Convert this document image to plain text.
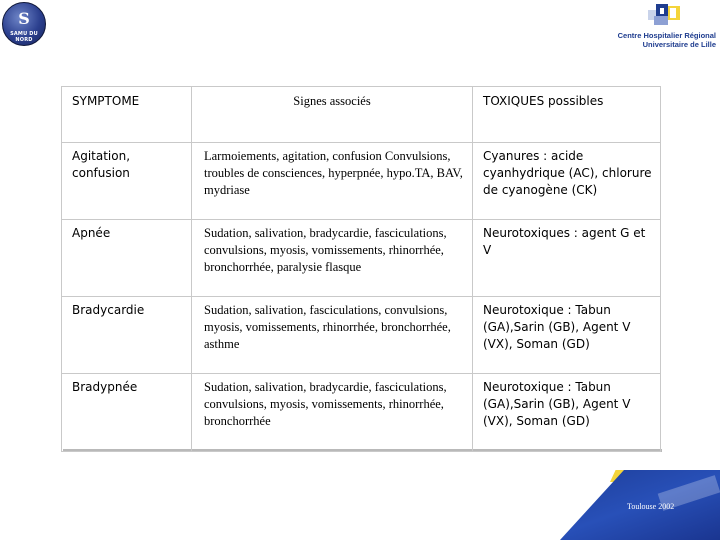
S
SAMU DU NORD	Centre Hospitalier Régional
Universitaire de Lille
SYMPTOME	Signes associés	TOXIQUES possibles
Agitation, confusion	Larmoiements, agitation, confusion Convulsions, troubles de consciences, hyperpnée, hypo.TA, BAV, mydriase	Cyanures : acide cyanhydrique (AC), chlorure de cyanogène (CK)
Apnée	Sudation, salivation, bradycardie, fasciculations, convulsions, myosis, vomissements, rhinorrhée, bronchorrhée, paralysie flasque	Neurotoxiques : agent G et V
Bradycardie	Sudation, salivation, fasciculations, convulsions, myosis, vomissements, rhinorrhée, bronchorrhée, asthme	Neurotoxique : Tabun (GA),Sarin (GB), Agent V (VX), Soman (GD)
Bradypnée	Sudation, salivation, bradycardie, fasciculations, convulsions, myosis, vomissements, rhinorrhée, bronchorrhée	Neurotoxique : Tabun (GA),Sarin (GB), Agent V (VX), Soman (GD)
Toulouse 2002
